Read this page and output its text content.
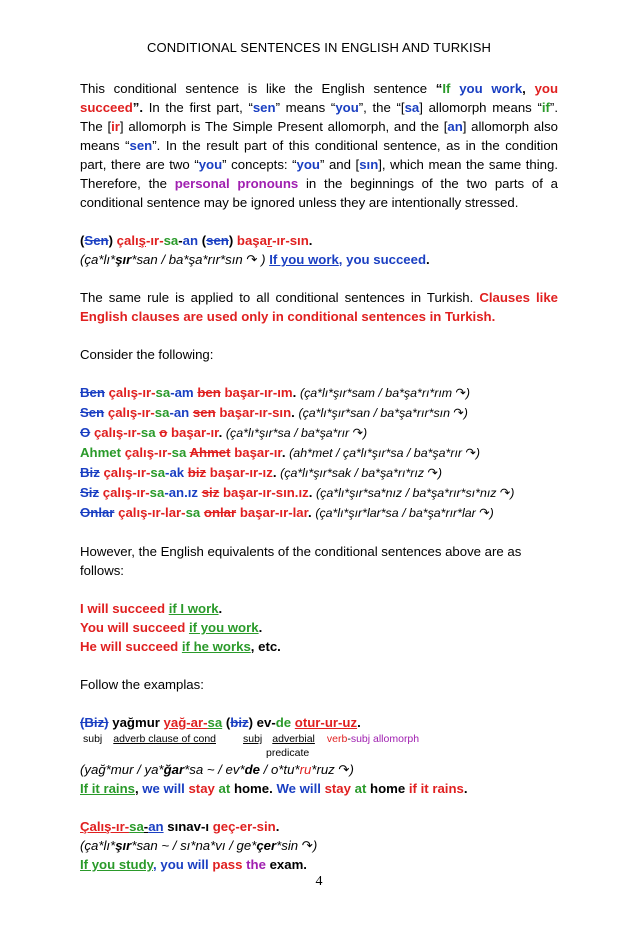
CONDITIONAL SENTENCES IN ENGLISH AND TURKISH

This conditional sentence is like the English sentence “If you work, you succeed”. In the first part, “sen” means “you”, the “[sa] allomorph means “if”. The [ir] allomorph is The Simple Present allomorph, and the [an] allomorph also means “sen”. In the result part of this conditional sentence, as in the condition part, there are two “you” concepts: “you” and [sın], which mean the same thing. Therefore, the personal pronouns in the beginnings of the two parts of a conditional sentence may be ignored unless they are intentionally stressed.

(Sen) çalış-ır-sa-an (sen) başar-ır-sın.

(ça*lı*şır*san / ba*şa*rır*sın ↷ ) If you work, you succeed.

The same rule is applied to all conditional sentences in Turkish. Clauses like English clauses are used only in conditional sentences in Turkish.

Consider the following:

Ben çalış-ır-sa-am ben başar-ır-ım. (ça*lı*şır*sam / ba*şa*rı*rım ↷)

Sen çalış-ır-sa-an sen başar-ır-sın. (ça*lı*şır*san / ba*şa*rır*sın ↷)

O çalış-ır-sa o başar-ır. (ça*lı*şır*sa / ba*şa*rır ↷)

Ahmet çalış-ır-sa Ahmet başar-ır. (ah*met / ça*lı*şır*sa / ba*şa*rır ↷)

Biz çalış-ır-sa-ak biz başar-ır-ız. (ça*lı*şır*sak / ba*şa*rı*rız ↷)

Siz çalış-ır-sa-an.ız siz başar-ır-sın.ız. (ça*lı*şır*sa*nız / ba*şa*rır*sı*nız ↷)

Onlar çalış-ır-lar-sa onlar başar-ır-lar. (ça*lı*şır*lar*sa / ba*şa*rır*lar ↷)

However, the English equivalents of the conditional sentences above are as follows:

I will succeed if I work.

You will succeed if you work.

He will succeed if he works, etc.

Follow the examplas:

(Biz) yağmur yağ-ar-sa (biz) ev-de otur-ur-uz.

subj adverb clause of cond	subj adverbial verb-subj allomorph
predicate

(yağ*mur / ya*ğar*sa ~ / ev*de / o*tu*ru*ruz ↷)

If it rains, we will stay at home. We will stay at home if it rains.

Çalış-ır-sa-an sınav-ı geç-er-sin.

(ça*lı*şır*san ~ / sı*na*vı / ge*çer*sin ↷)

If you study, you will pass the exam.

4
